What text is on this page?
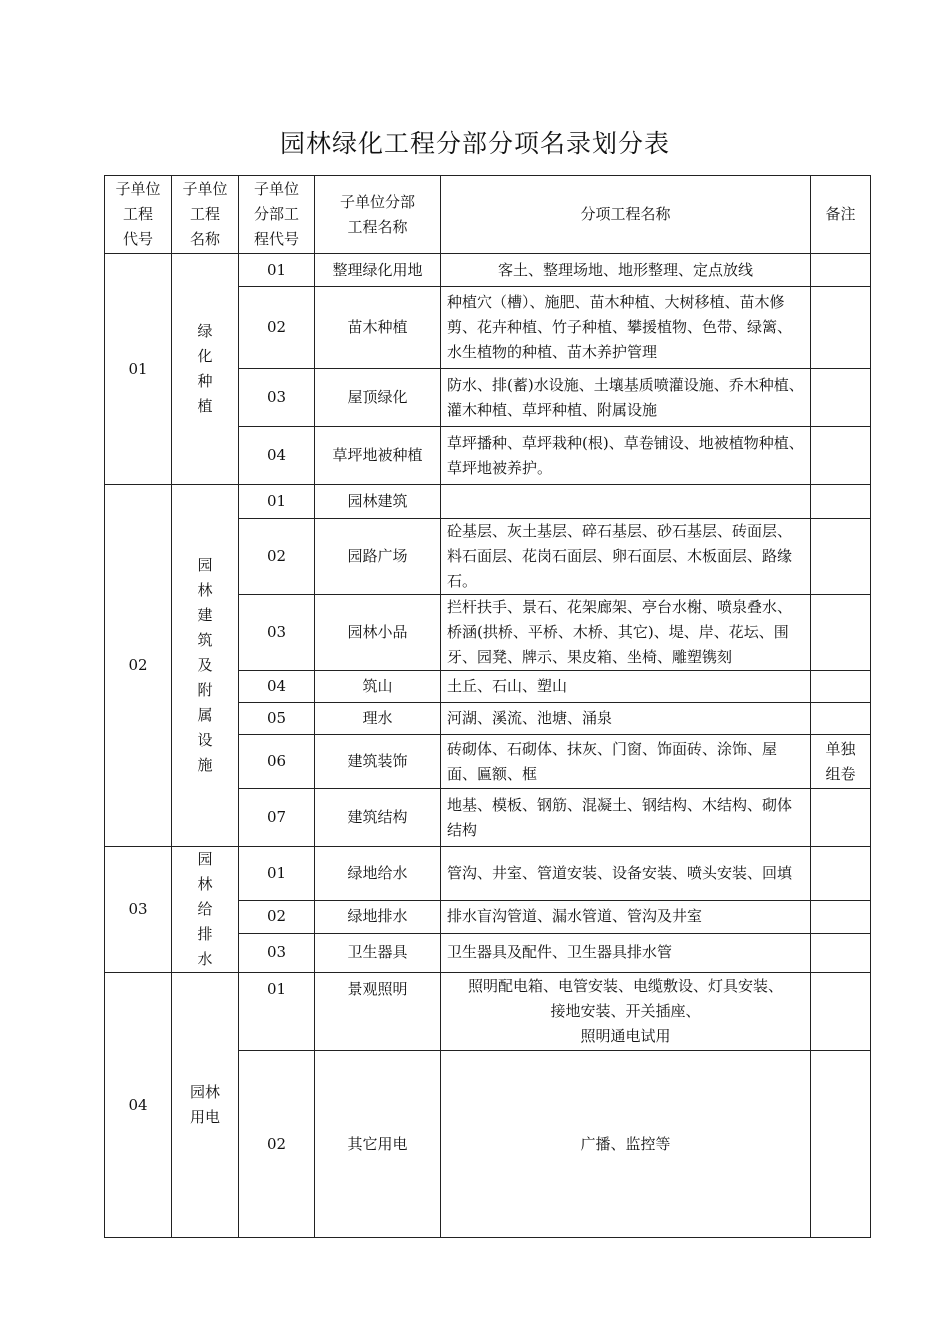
园林绿化工程分部分项名录划分表
子单位
工程
代号	子单位
工程
名称	子单位
分部工
程代号	子单位分部
工程名称	分项工程名称	备注
01	绿化种植	01	整理绿化用地	客土、整理场地、地形整理、定点放线	
		02	苗木种植	种植穴（槽）、施肥、苗木种植、大树移植、苗木修剪、花卉种植、竹子种植、攀援植物、色带、绿篱、水生植物的种植、苗木养护管理	
		03	屋顶绿化	防水、排(蓄)水设施、土壤基质喷灌设施、乔木种植、灌木种植、草坪种植、附属设施	
		04	草坪地被种植	草坪播种、草坪栽种(根)、草卷铺设、地被植物种植、草坪地被养护。	
02	园林建筑及附属设施	01	园林建筑		
		02	园路广场	砼基层、灰土基层、碎石基层、砂石基层、砖面层、料石面层、花岗石面层、卵石面层、木板面层、路缘石。	
		03	园林小品	拦杆扶手、景石、花架廊架、亭台水榭、喷泉叠水、桥涵(拱桥、平桥、木桥、其它)、堤、岸、花坛、围牙、园凳、牌示、果皮箱、坐椅、雕塑镌刻	
		04	筑山	土丘、石山、塑山	
		05	理水	河湖、溪流、池塘、涌泉	
		06	建筑装饰	砖砌体、石砌体、抹灰、门窗、饰面砖、涂饰、屋面、匾额、框	单独组卷
		07	建筑结构	地基、模板、钢筋、混凝土、钢结构、木结构、砌体结构	
03	园林给排水	01	绿地给水	管沟、井室、管道安装、设备安装、喷头安装、回填	
		02	绿地排水	排水盲沟管道、漏水管道、管沟及井室	
		03	卫生器具	卫生器具及配件、卫生器具排水管	
04	园林用电	01	景观照明	照明配电箱、电管安装、电缆敷设、灯具安装、
接地安装、开关插座、
照明通电试用	
		02	其它用电	广播、监控等	
